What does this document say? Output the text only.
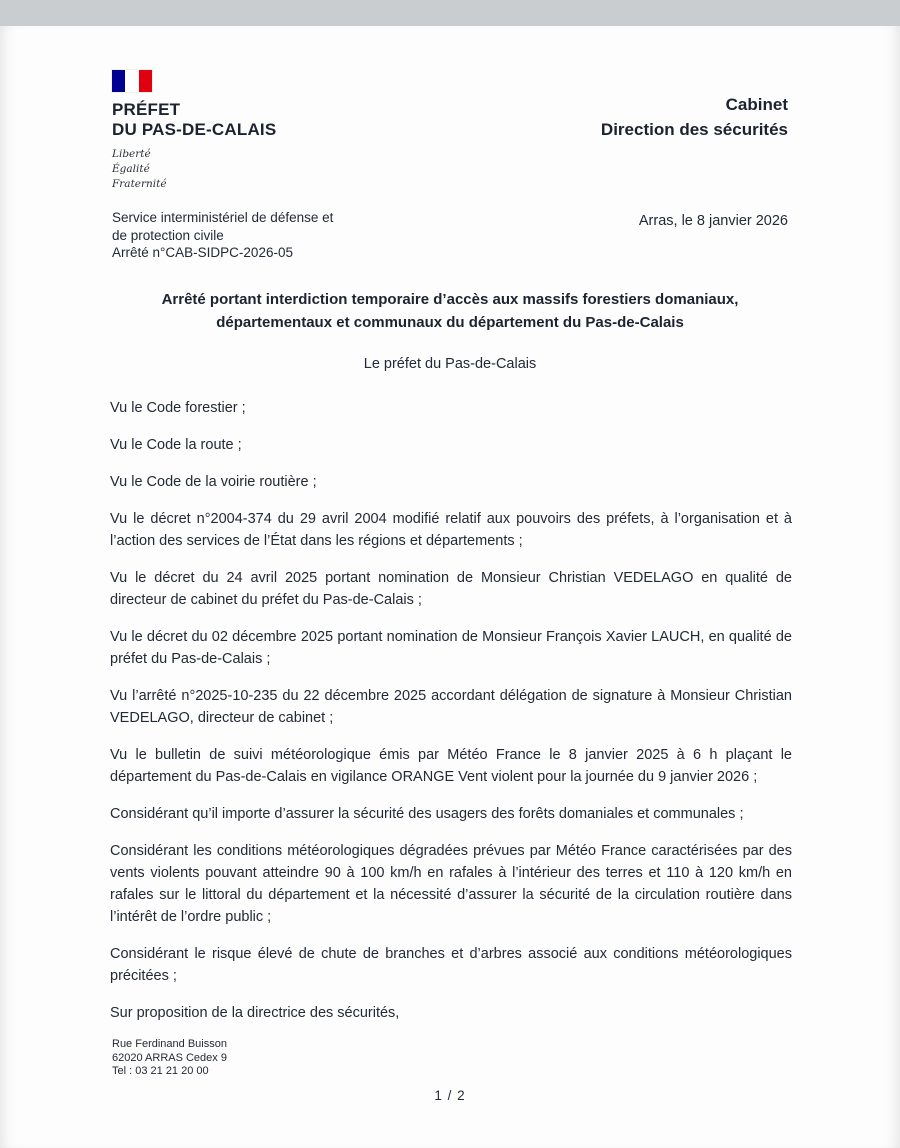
PRÉFET
DU PAS-DE-CALAIS
Liberté
Égalité
Fraternité
Cabinet
Direction des sécurités
Service interministériel de défense et
de protection civile
Arrêté n°CAB-SIDPC-2026-05
Arras, le 8 janvier 2026
Arrêté portant interdiction temporaire d’accès aux massifs forestiers domaniaux, départementaux et communaux du département du Pas-de-Calais
Le préfet du Pas-de-Calais

Vu le Code forestier ;

Vu le Code la route ;

Vu le Code de la voirie routière ;

Vu le décret n°2004-374 du 29 avril 2004 modifié relatif aux pouvoirs des préfets, à l’organisation et à l’action des services de l’État dans les régions et départements ;

Vu le décret du 24 avril 2025 portant nomination de Monsieur Christian VEDELAGO en qualité de directeur de cabinet du préfet du Pas-de-Calais ;

Vu le décret du 02 décembre 2025 portant nomination de Monsieur François Xavier LAUCH, en qualité de préfet du Pas-de-Calais ;

Vu l’arrêté n°2025-10-235 du 22 décembre 2025 accordant délégation de signature à Monsieur Christian VEDELAGO, directeur de cabinet ;

Vu le bulletin de suivi météorologique émis par Météo France le 8 janvier 2025 à 6 h plaçant le département du Pas-de-Calais en vigilance ORANGE Vent violent pour la journée du 9 janvier 2026 ;

Considérant qu’il importe d’assurer la sécurité des usagers des forêts domaniales et communales ;

Considérant les conditions météorologiques dégradées prévues par Météo France caractérisées par des vents violents pouvant atteindre 90 à 100 km/h en rafales à l’intérieur des terres et 110 à 120 km/h en rafales sur le littoral du département et la nécessité d’assurer la sécurité de la circulation routière dans l’intérêt de l’ordre public ;

Considérant le risque élevé de chute de branches et d’arbres associé aux conditions météorologiques précitées ;

Sur proposition de la directrice des sécurités,

Rue Ferdinand Buisson
62020 ARRAS Cedex 9
Tel : 03 21 21 20 00
1 / 2
